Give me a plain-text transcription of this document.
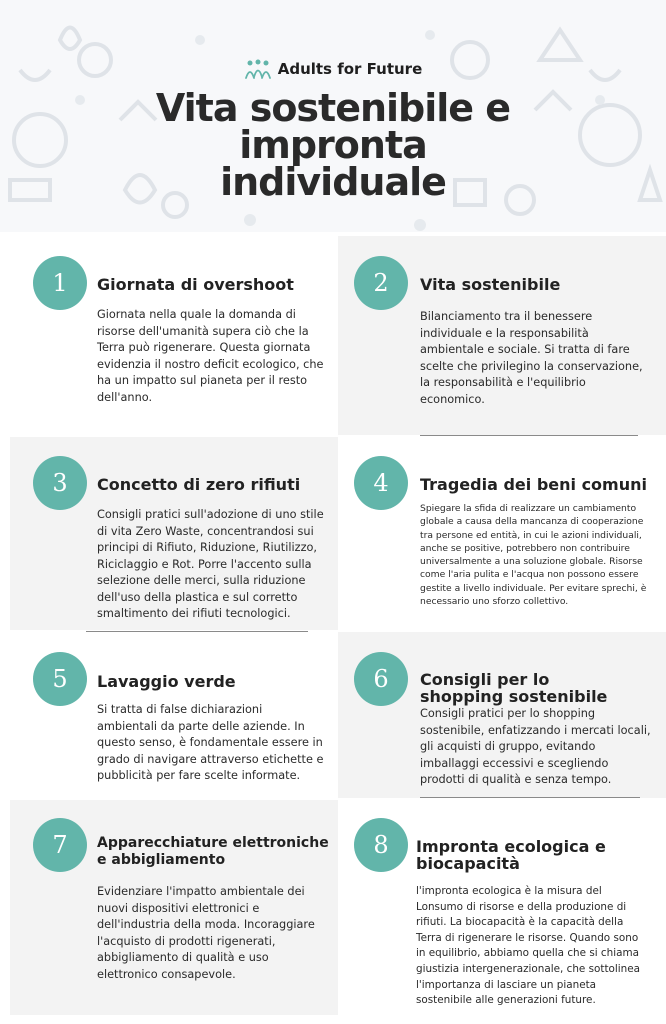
Adults for Future
Vita sostenibile e
impronta
individuale
1	Giornata di overshoot
Giornata nella quale la domanda di risorse dell'umanità supera ciò che la Terra può rigenerare. Questa giornata evidenzia il nostro deficit ecologico, che ha un impatto sul pianeta per il resto dell'anno.
2	Vita sostenibile
Bilanciamento tra il benessere individuale e la responsabilità ambientale e sociale. Si tratta di fare scelte che privilegino la conservazione, la responsabilità e l'equilibrio economico.
3	Concetto di zero rifiuti
Consigli pratici sull'adozione di uno stile di vita Zero Waste, concentrandosi sui principi di Rifiuto, Riduzione, Riutilizzo, Riciclaggio e Rot. Porre l'accento sulla selezione delle merci, sulla riduzione dell'uso della plastica e sul corretto smaltimento dei rifiuti tecnologici.
4	Tragedia dei beni comuni
Spiegare la sfida di realizzare un cambiamento globale a causa della mancanza di cooperazione tra persone ed entità, in cui le azioni individuali, anche se positive, potrebbero non contribuire universalmente a una soluzione globale. Risorse come l'aria pulita e l'acqua non possono essere gestite a livello individuale. Per evitare sprechi, è necessario uno sforzo collettivo.
5	Lavaggio verde
Si tratta di false dichiarazioni ambientali da parte delle aziende. In questo senso, è fondamentale essere in grado di navigare attraverso etichette e pubblicità per fare scelte informate.
6	Consigli per lo shopping sostenibile
Consigli pratici per lo shopping sostenibile, enfatizzando i mercati locali, gli acquisti di gruppo, evitando imballaggi eccessivi e scegliendo prodotti di qualità e senza tempo.
7	Apparecchiature elettroniche e abbigliamento
Evidenziare l'impatto ambientale dei nuovi dispositivi elettronici e dell'industria della moda. Incoraggiare l'acquisto di prodotti rigenerati, abbigliamento di qualità e uso elettronico consapevole.
8	Impronta ecologica e biocapacità
l'impronta ecologica è la misura del Lonsumo di risorse e della produzione di rifiuti. La biocapacità è la capacità della Terra di rigenerare le risorse. Quando sono in equilibrio, abbiamo quella che si chiama giustizia intergenerazionale, che sottolinea l'importanza di lasciare un pianeta sostenibile alle generazioni future.
